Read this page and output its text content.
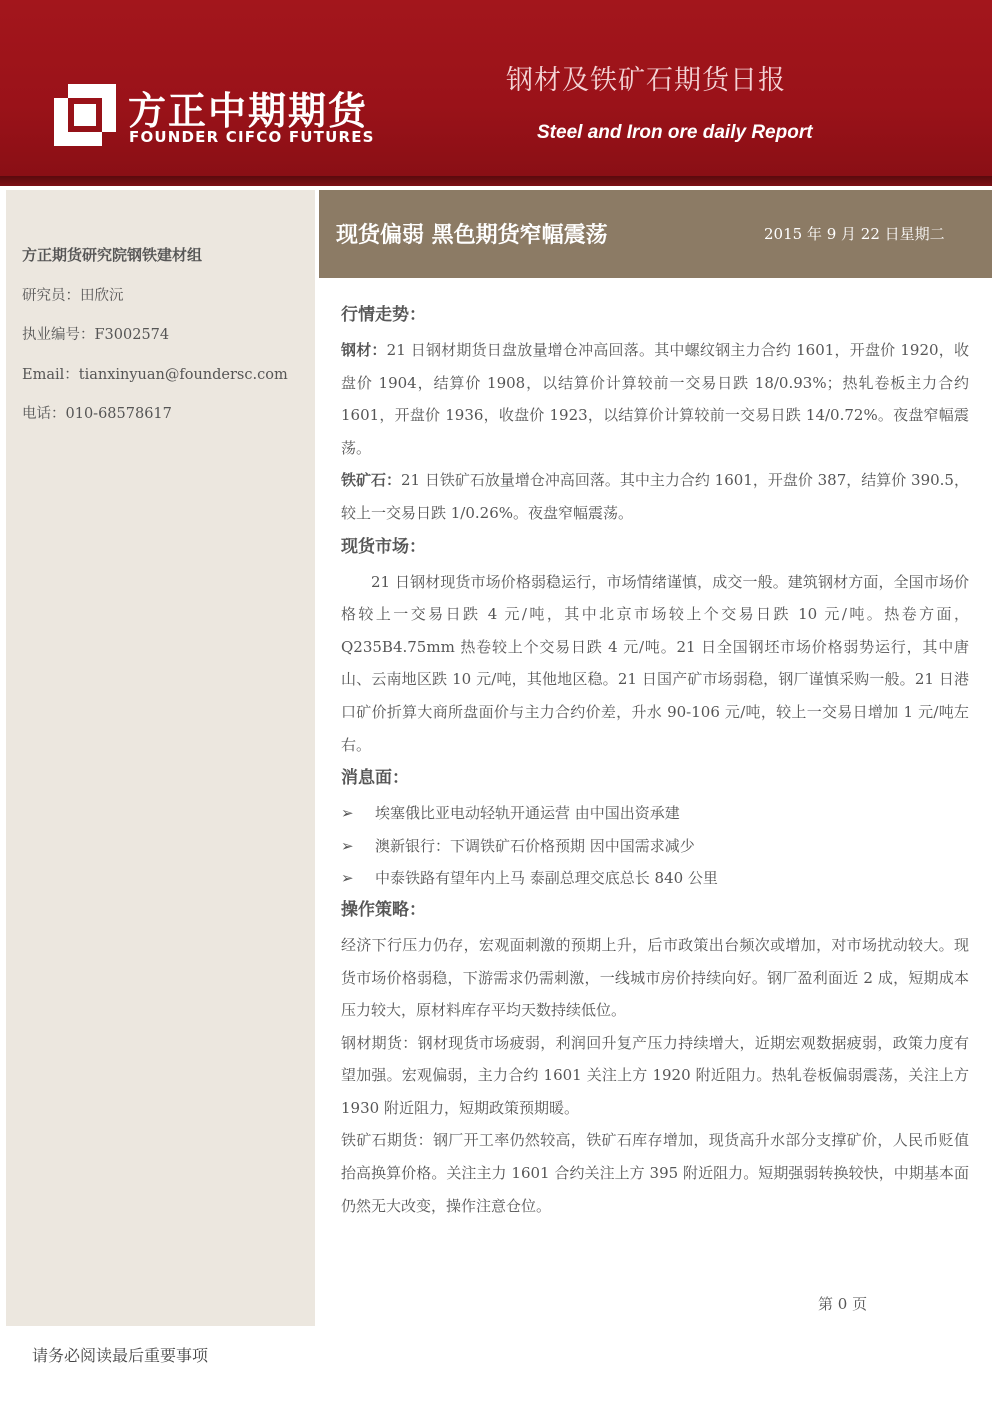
方正中期期货
FOUNDER CIFCO FUTURES
钢材及铁矿石期货日报
Steel and Iron ore daily Report
方正期货研究院钢铁建材组
研究员：田欣沅
执业编号：F3002574
Email：tianxinyuan@foundersc.com
电话：010-68578617
现货偏弱 黑色期货窄幅震荡	2015 年 9 月 22 日星期二
行情走势：

钢材：21 日钢材期货日盘放量增仓冲高回落。其中螺纹钢主力合约 1601，开盘价 1920，收盘价 1904，结算价 1908，以结算价计算较前一交易日跌 18/0.93%；热轧卷板主力合约 1601，开盘价 1936，收盘价 1923，以结算价计算较前一交易日跌 14/0.72%。夜盘窄幅震荡。

铁矿石：21 日铁矿石放量增仓冲高回落。其中主力合约 1601，开盘价 387，结算价 390.5，较上一交易日跌 1/0.26%。夜盘窄幅震荡。

现货市场：

21 日钢材现货市场价格弱稳运行，市场情绪谨慎，成交一般。建筑钢材方面，全国市场价格较上一交易日跌 4 元/吨，其中北京市场较上个交易日跌 10 元/吨。热卷方面，Q235B4.75mm 热卷较上个交易日跌 4 元/吨。21 日全国钢坯市场价格弱势运行，其中唐山、云南地区跌 10 元/吨，其他地区稳。21 日国产矿市场弱稳，钢厂谨慎采购一般。21 日港口矿价折算大商所盘面价与主力合约价差，升水 90-106 元/吨，较上一交易日增加 1 元/吨左右。

消息面：
➢ 埃塞俄比亚电动轻轨开通运营 由中国出资承建
➢ 澳新银行：下调铁矿石价格预期 因中国需求减少
➢ 中泰铁路有望年内上马 泰副总理交底总长 840 公里
操作策略：

经济下行压力仍存，宏观面刺激的预期上升，后市政策出台频次或增加，对市场扰动较大。现货市场价格弱稳，下游需求仍需刺激，一线城市房价持续向好。钢厂盈利面近 2 成，短期成本压力较大，原材料库存平均天数持续低位。

钢材期货：钢材现货市场疲弱，利润回升复产压力持续增大，近期宏观数据疲弱，政策力度有望加强。宏观偏弱，主力合约 1601 关注上方 1920 附近阻力。热轧卷板偏弱震荡，关注上方 1930 附近阻力，短期政策预期暖。

铁矿石期货：钢厂开工率仍然较高，铁矿石库存增加，现货高升水部分支撑矿价，人民币贬值抬高换算价格。关注主力 1601 合约关注上方 395 附近阻力。短期强弱转换较快，中期基本面仍然无大改变，操作注意仓位。

第 0 页
请务必阅读最后重要事项
